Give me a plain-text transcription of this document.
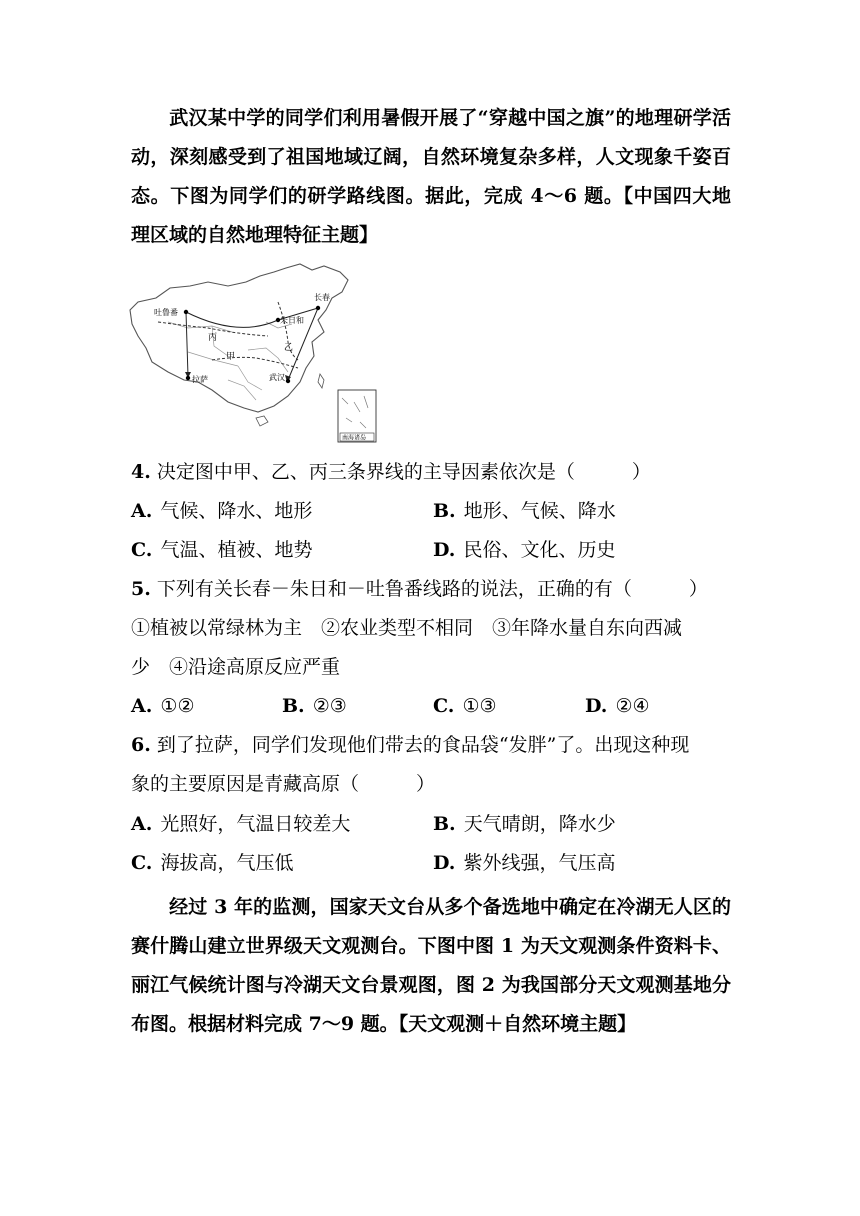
武汉某中学的同学们利用暑假开展了“穿越中国之旗”的地理研学活动，深刻感受到了祖国地域辽阔，自然环境复杂多样，人文现象千姿百态。下图为同学们的研学路线图。据此，完成 4～6 题。【中国四大地理区域的自然地理特征主题】
吐鲁番
朱日和
长春
拉萨	武汉
甲
乙
丙
南海诸岛
4. 决定图中甲、乙、丙三条界线的主导因素依次是（　　　）
A. 气候、降水、地形	B. 地形、气候、降水
C. 气温、植被、地势	D. 民俗、文化、历史
5. 下列有关长春－朱日和－吐鲁番线路的说法，正确的有（　　　）
①植被以常绿林为主　②农业类型不相同　③年降水量自东向西减
少　④沿途高原反应严重
A. ①②	B. ②③	C. ①③	D. ②④
6. 到了拉萨，同学们发现他们带去的食品袋“发胖”了。出现这种现
象的主要原因是青藏高原（　　　）
A. 光照好，气温日较差大	B. 天气晴朗，降水少
C. 海拔高，气压低	D. 紫外线强，气压高
经过 3 年的监测，国家天文台从多个备选地中确定在冷湖无人区的赛什腾山建立世界级天文观测台。下图中图 1 为天文观测条件资料卡、丽江气候统计图与冷湖天文台景观图，图 2 为我国部分天文观测基地分布图。根据材料完成 7～9 题。【天文观测＋自然环境主题】
